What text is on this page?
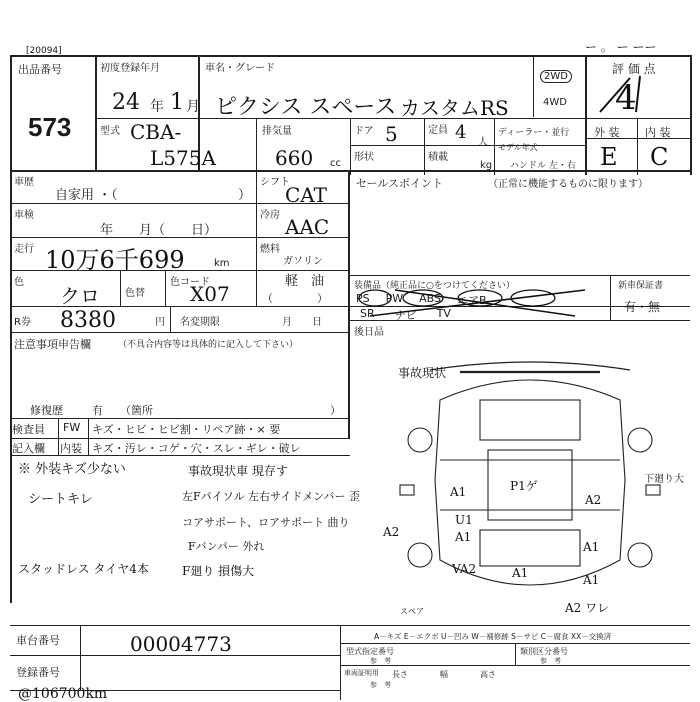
[20094]
出品番号
573
ー 。 ー ーー
初度登録年月
24 1
年 月
車名・グレード
ピクシス スペース カスタムRS
2WD
4WD
評 価 点
4
外 装 内 装
E C
型式 CBA-
L575A
排気量
660 cc
ドア 5	定員 4 人
形状	積載
kg
ディーラー・並行
モデル年式
ハンドル 左・右
車歴
自家用 ・（	）
シフト
CAT
車検
年　　月（　　日）
冷房 AAC
走行 10万6千699	km
燃料
ガソリン
軽　油
（　　　　）
色
クロ	色替
色コード
X07
R券 8380	円 名変期限	月　　日
セールスポイント	（正常に機能するものに限ります）
装備品（純正品に○をつけてください）
PS PW ABS エアB
SR ナビ TV
後日品
新車保証書
有・無
注意事項申告欄	（不具合内容等は具体的に記入して下さい）
修復歴	有 （箇所	）
検査員
記入欄
FW キズ・ヒビ・ヒビ割・リペア跡・× 要
内装 キズ・汚レ・コゲ・穴・スレ・ギレ・破レ
※ 外装キズ少ない
シートキレ
スタッドレス タイヤ4本
事故現状車 現存す
左Fパイソル 左右サイドメンバー 歪
コアサポート、ロアサポート 曲り
Fバンパー 外れ
F廻り 損傷大
事故現状
下廻り大
スペア
A1	P1ゲ
A2
A2
U1
A1
A1
VA2	A1	A1
A2 ワレ
車台番号	00004773
登録番号
A－キズ E－エクボ U－凹み W－補修跡 S－サビ C－腐食 XX－交換済
型式指定番号
参　考
類別区分番号
参　考
車両証明用 長さ　　　　幅　　　　高さ
参　考
@106700km
